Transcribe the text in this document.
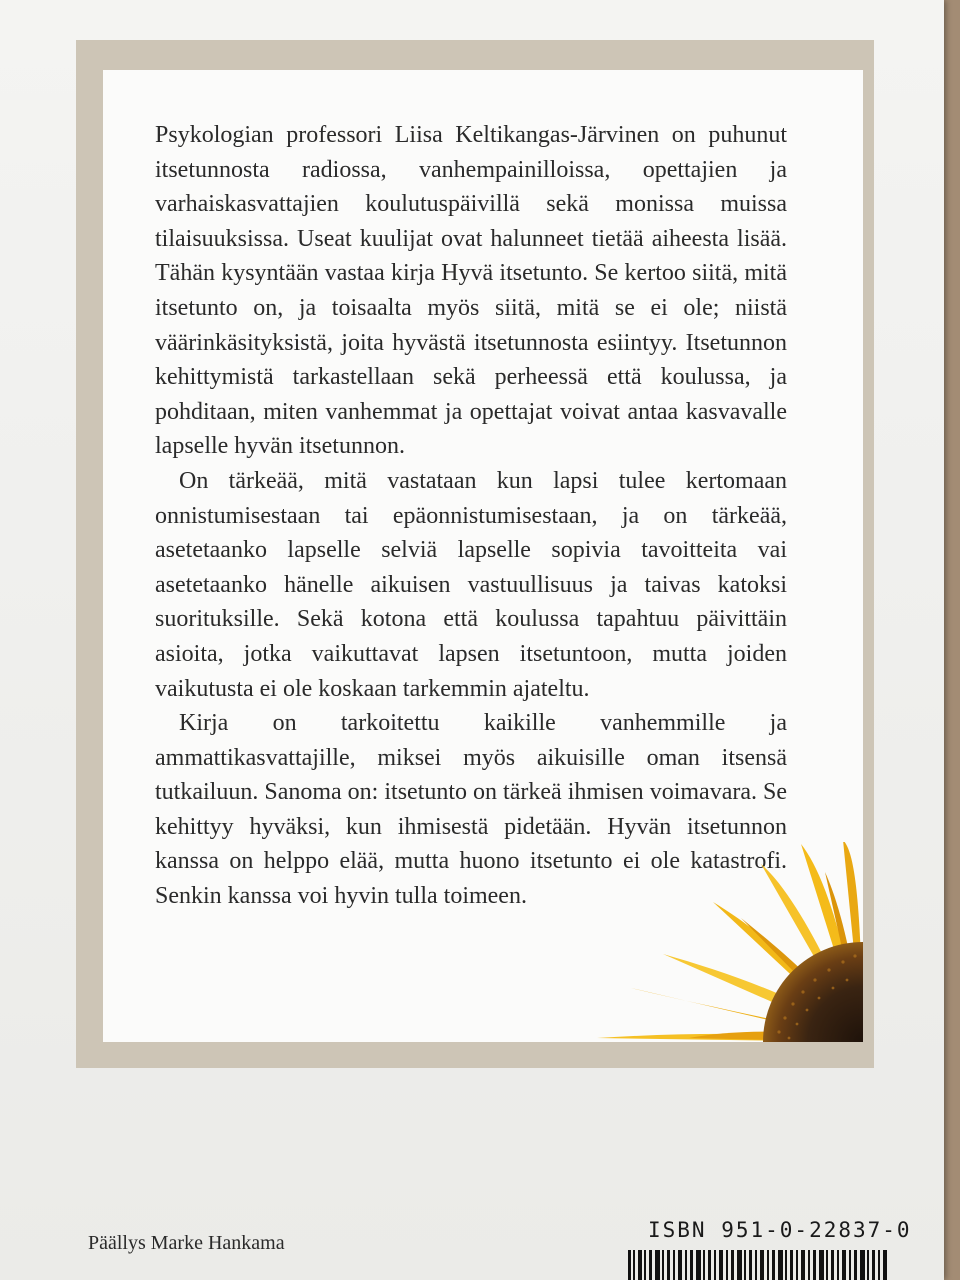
Psykologian professori Liisa Keltikangas-Järvinen on puhunut itsetunnosta radiossa, vanhempainilloissa, opettajien ja varhaiskasvattajien koulutuspäivillä sekä monissa muissa tilaisuuksissa. Useat kuulijat ovat halunneet tietää aiheesta lisää. Tähän kysyntään vastaa kirja Hyvä itsetunto. Se kertoo siitä, mitä itsetunto on, ja toisaalta myös siitä, mitä se ei ole; niistä väärinkäsityksistä, joita hyvästä itsetunnosta esiintyy. Itsetunnon kehittymistä tarkastellaan sekä perheessä että koulussa, ja pohditaan, miten vanhemmat ja opettajat voivat antaa kasvavalle lapselle hyvän itsetunnon.

On tärkeää, mitä vastataan kun lapsi tulee kertomaan onnistumisestaan tai epäonnistumisestaan, ja on tärkeää, asetetaanko lapselle selviä lapselle sopivia tavoitteita vai asetetaanko hänelle aikuisen vastuullisuus ja taivas katoksi suorituksille. Sekä kotona että koulussa tapahtuu päivittäin asioita, jotka vaikuttavat lapsen itsetuntoon, mutta joiden vaikutusta ei ole koskaan tarkemmin ajateltu.

Kirja on tarkoitettu kaikille vanhemmille ja ammattikasvattajille, miksei myös aikuisille oman itsensä tutkailuun. Sanoma on: itsetunto on tärkeä ihmisen voimavara. Se kehittyy hyväksi, kun ihmisestä pidetään. Hyvän itsetunnon kanssa on helppo elää, mutta huono itsetunto ei ole katastrofi. Senkin kanssa voi hyvin tulla toimeen.

Päällys Marke Hankama
ISBN 951-0-22837-0
